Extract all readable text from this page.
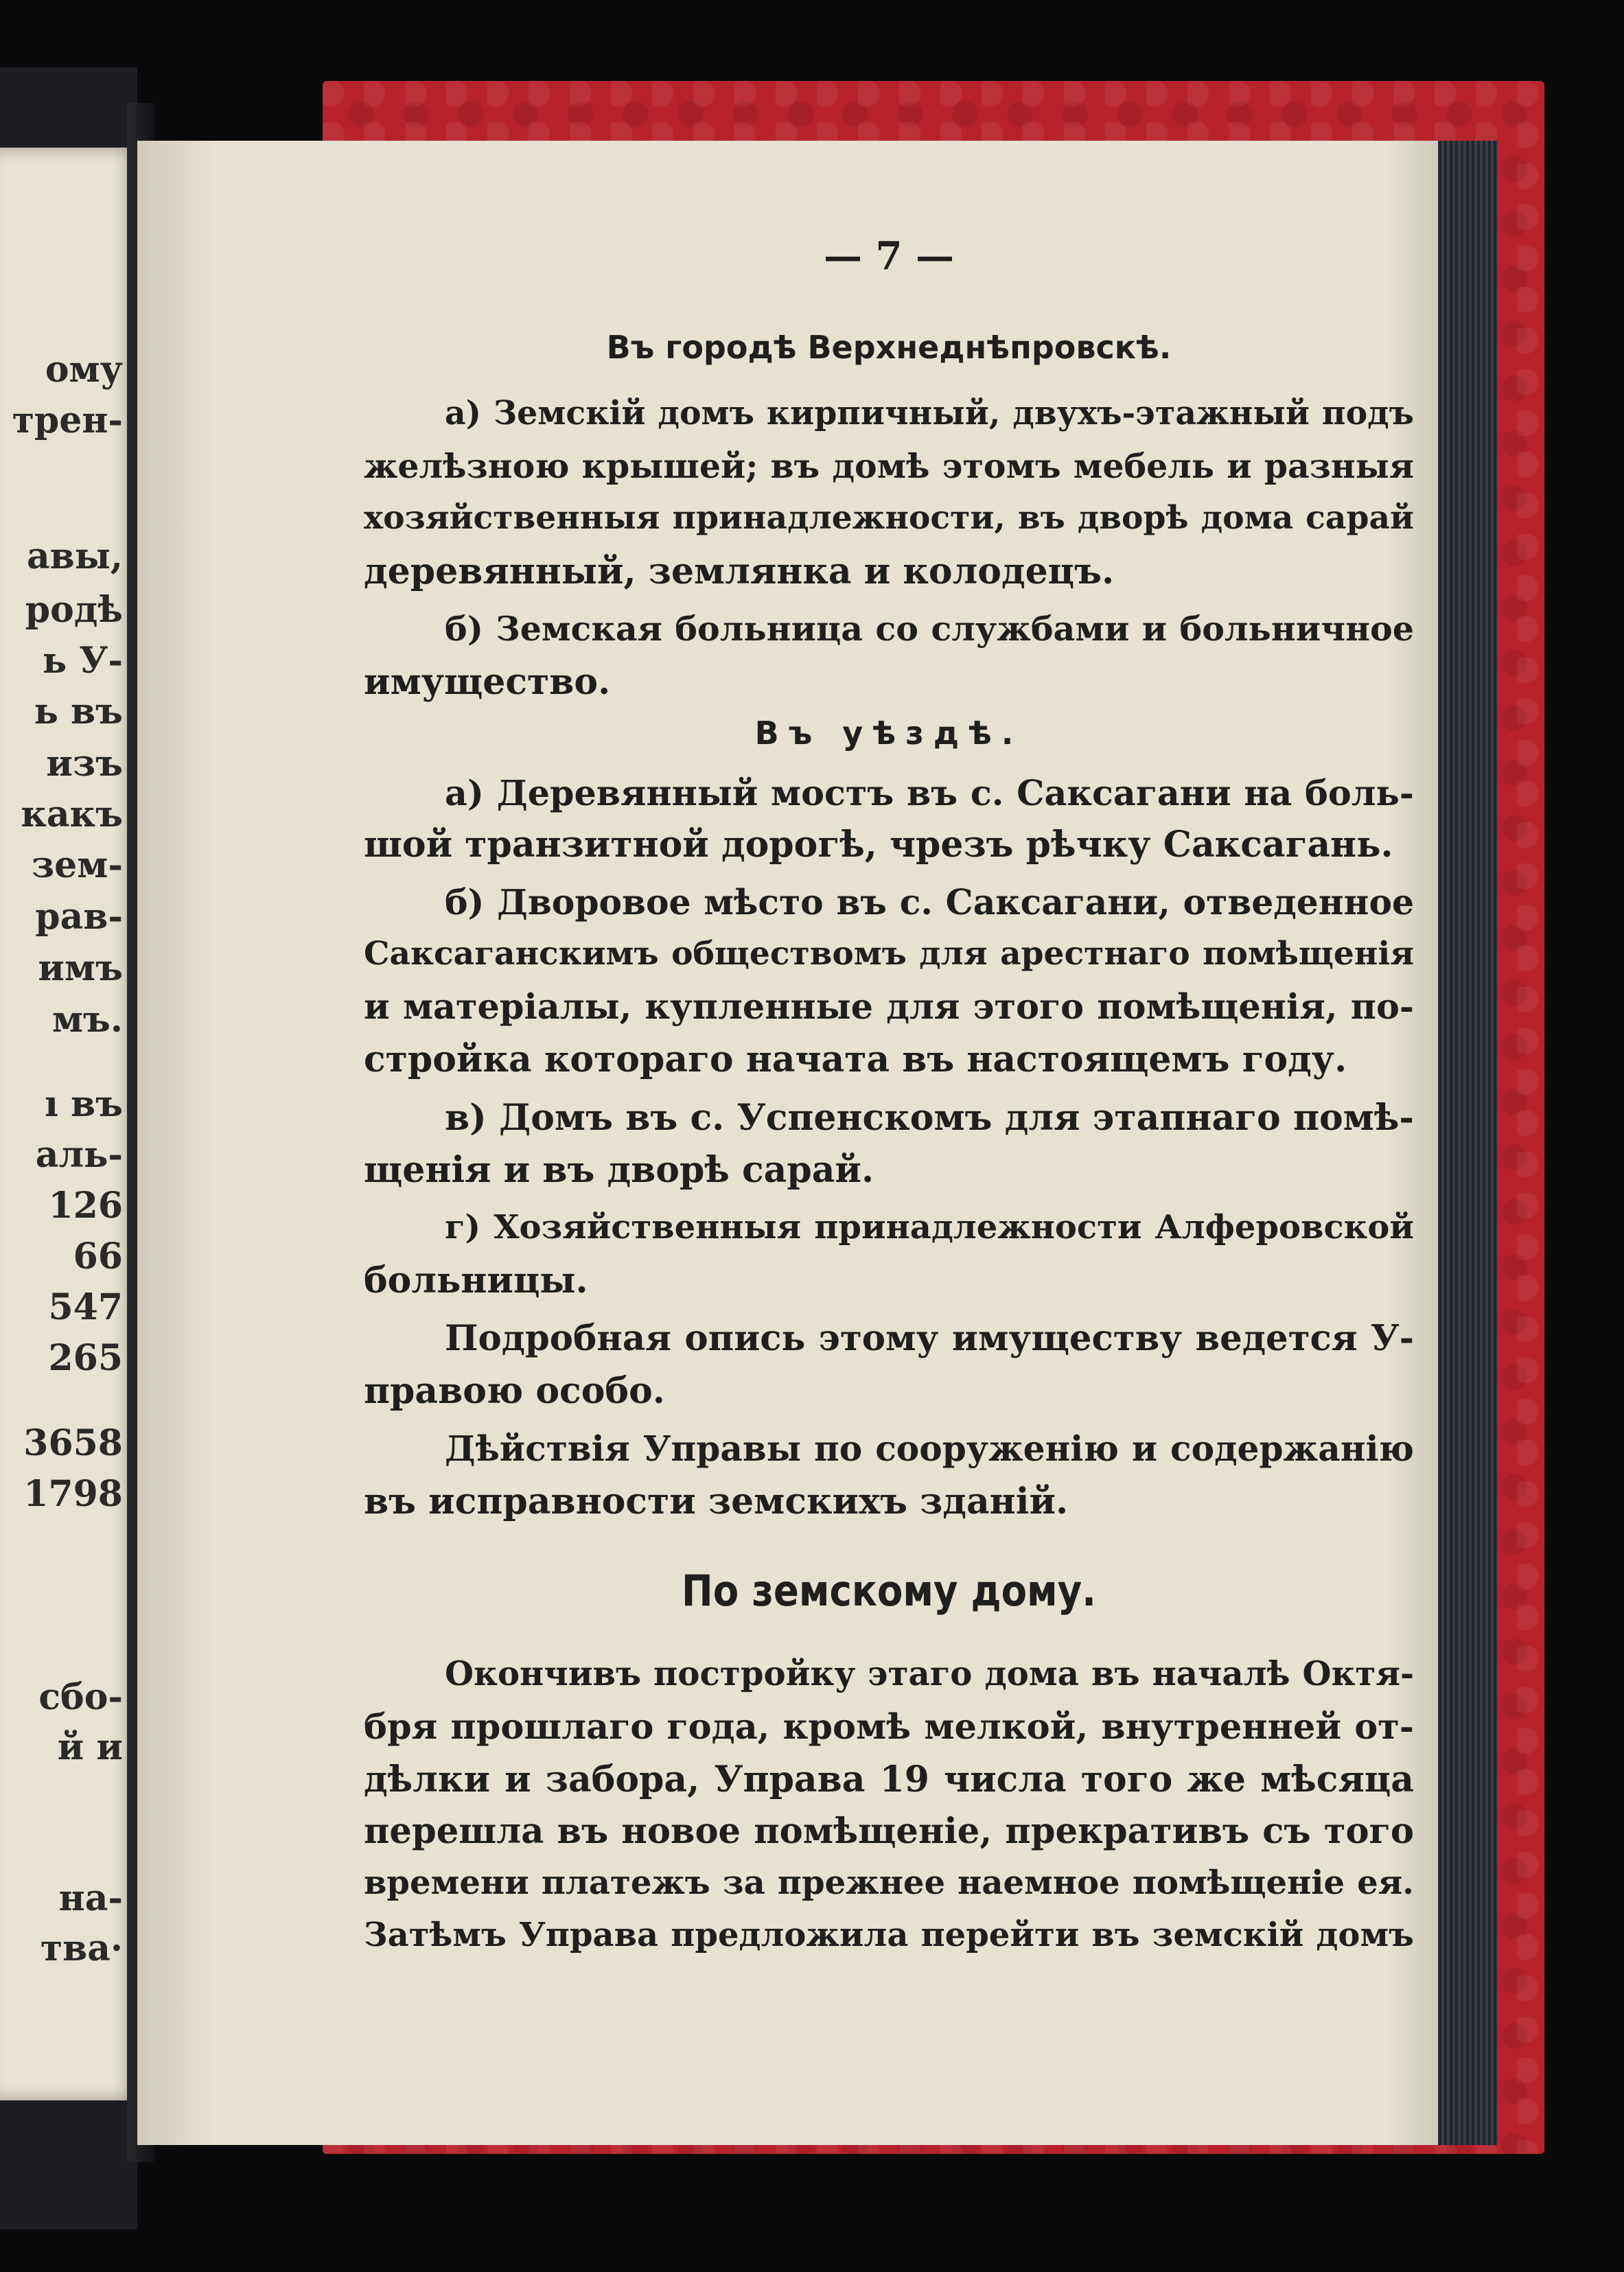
ому
трен-
авы,
родѣ
ь У-
ь въ
изъ
какъ
зем-
рав-
имъ
мъ.
ı въ
аль-
126
66
547
265
3658
1798
сбо-
й и
на-
тва·
— 7 —
Въ городѣ Верхнеднѣпровскѣ.
а) Земскій домъ кирпичный, двухъ-этажный подъ
желѣзною крышей; въ домѣ этомъ мебель и разныя
хозяйственныя принадлежности, въ дворѣ дома сарай
деревянный, землянка и колодецъ.
б) Земская больница со службами и больничное
имущество.
Въ уѣздѣ.
а) Деревянный мостъ въ с. Саксагани на боль-
шой транзитной дорогѣ, чрезъ рѣчку Саксагань.
б) Дворовое мѣсто въ с. Саксагани, отведенное
Саксаганскимъ обществомъ для арестнаго помѣщенія
и матеріалы, купленные для этого помѣщенія, по-
стройка котораго начата въ настоящемъ году.
в) Домъ въ с. Успенскомъ для этапнаго помѣ-
щенія и въ дворѣ сарай.
г) Хозяйственныя принадлежности Алферовской
больницы.
Подробная опись этому имуществу ведется У-
правою особо.
Дѣйствія Управы по сооруженію и содержанію
въ исправности земскихъ зданій.
По земскому дому.
Окончивъ постройку этаго дома въ началѣ Октя-
бря прошлаго года, кромѣ мелкой, внутренней от-
дѣлки и забора, Управа 19 числа того же мѣсяца
перешла въ новое помѣщеніе, прекративъ съ того
времени платежъ за прежнее наемное помѣщеніе ея.
Затѣмъ Управа предложила перейти въ земскій домъ
